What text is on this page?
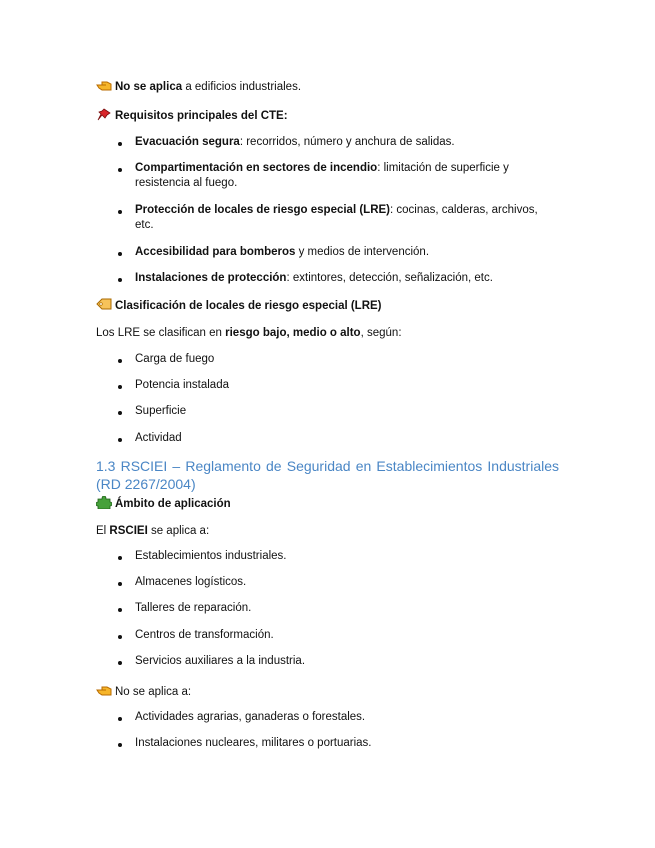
No se aplica a edificios industriales.
Requisitos principales del CTE:
Evacuación segura: recorridos, número y anchura de salidas.
Compartimentación en sectores de incendio: limitación de superficie y resistencia al fuego.
Protección de locales de riesgo especial (LRE): cocinas, calderas, archivos, etc.
Accesibilidad para bomberos y medios de intervención.
Instalaciones de protección: extintores, detección, señalización, etc.
Clasificación de locales de riesgo especial (LRE)
Los LRE se clasifican en riesgo bajo, medio o alto, según:
Carga de fuego
Potencia instalada
Superficie
Actividad
1.3 RSCIEI – Reglamento de Seguridad en Establecimientos Industriales (RD 2267/2004)
Ámbito de aplicación
El RSCIEI se aplica a:
Establecimientos industriales.
Almacenes logísticos.
Talleres de reparación.
Centros de transformación.
Servicios auxiliares a la industria.
No se aplica a:
Actividades agrarias, ganaderas o forestales.
Instalaciones nucleares, militares o portuarias.
